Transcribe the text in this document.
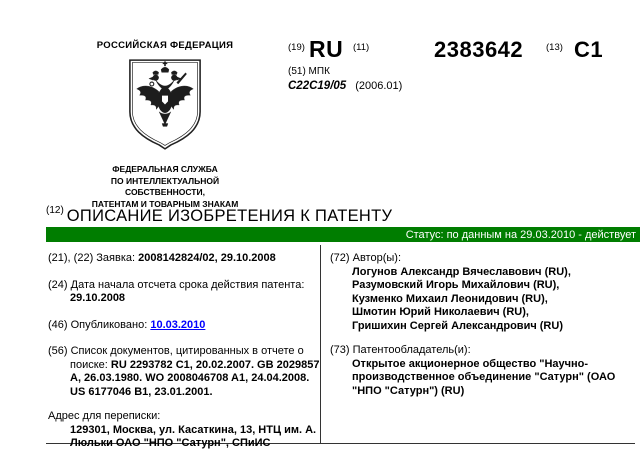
РОССИЙСКАЯ ФЕДЕРАЦИЯ
ФЕДЕРАЛЬНАЯ СЛУЖБА
ПО ИНТЕЛЛЕКТУАЛЬНОЙ СОБСТВЕННОСТИ,
ПАТЕНТАМ И ТОВАРНЫМ ЗНАКАМ
(19) RU (11)	2383642 (13) C1
(51) МПК
C22C19/05 (2006.01)
$^{(12)}$ ОПИСАНИЕ ИЗОБРЕТЕНИЯ К ПАТЕНТУ
Статус: по данным на 29.03.2010 - действует

(21), (22) Заявка: 2008142824/02, 29.10.2008

(24) Дата начала отсчета срока действия патента:

29.10.2008

(46) Опубликовано: 10.03.2010

(56) Список документов, цитированных в отчете о поиске: RU 2293782 C1, 20.02.2007. GB 2029857 A, 26.03.1980. WO 2008046708 A1, 24.04.2008. US 6177046 B1, 23.01.2001.

Адрес для переписки:
129301, Москва, ул. Касаткина, 13, НТЦ им. А. Люльки ОАО "НПО "Сатурн", СПиИС
(72) Автор(ы):
Логунов Александр Вячеславович (RU),
Разумовский Игорь Михайлович (RU),
Кузменко Михаил Леонидович (RU),
Шмотин Юрий Николаевич (RU),
Гришихин Сергей Александрович (RU)
(73) Патентообладатель(и):
Открытое акционерное общество "Научно-производственное объединение "Сатурн" (ОАО "НПО "Сатурн") (RU)
